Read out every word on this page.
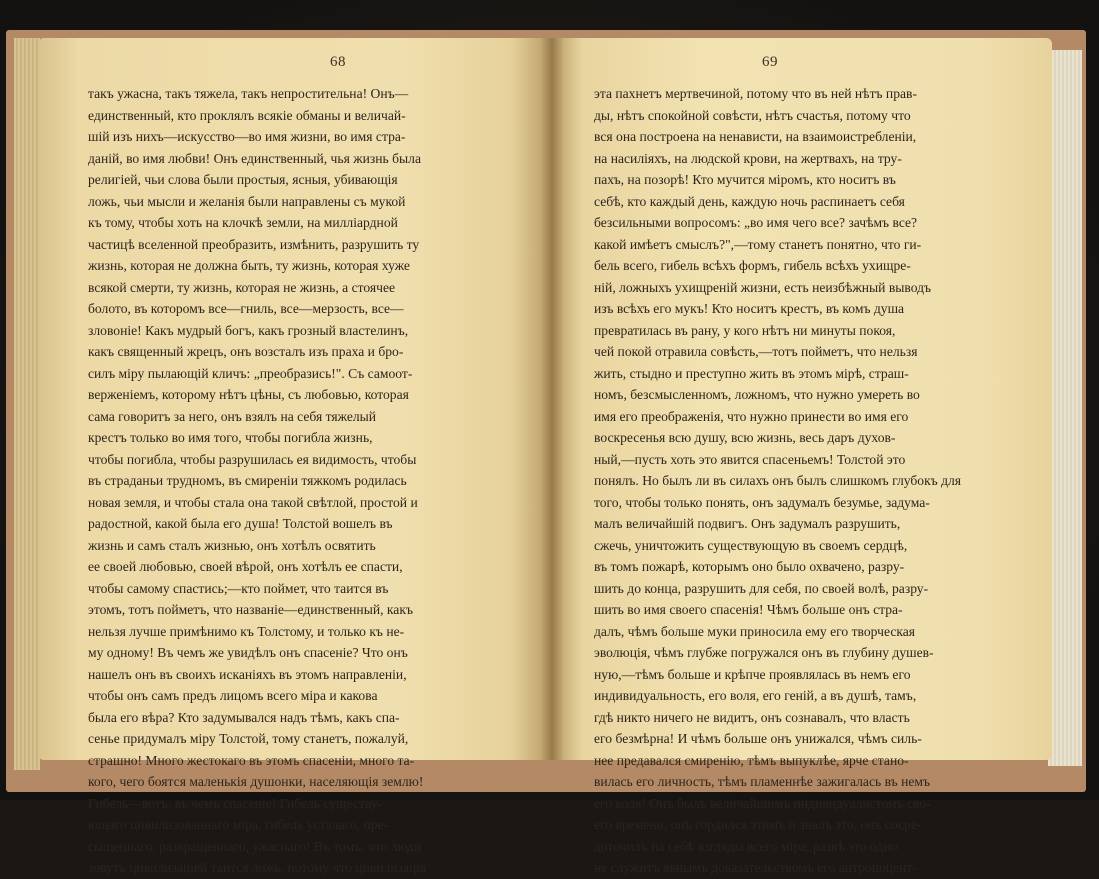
68
такъ ужасна, такъ тяжела, такъ непростительна! Онъ—
единственный, кто проклялъ всякіе обманы и величай-
шій изъ нихъ—искусство—во имя жизни, во имя стра-
даній, во имя любви! Онъ единственный, чья жизнь была
религіей, чьи слова были простыя, ясныя, убивающія
ложь, чьи мысли и желанія были направлены съ мукой
къ тому, чтобы хоть на клочкѣ земли, на милліардной
частицѣ вселенной преобразить, измѣнить, разрушить ту
жизнь, которая не должна быть, ту жизнь, которая хуже
всякой смерти, ту жизнь, которая не жизнь, а стоячее
болото, въ которомъ все—гниль, все—мерзость, все—
зловоніе! Какъ мудрый богъ, какъ грозный властелинъ,
какъ священный жрецъ, онъ возсталъ изъ праха и бро-
силъ міру пылающій кличъ: „преобразись!". Съ самоот-
верженіемъ, которому нѣтъ цѣны, съ любовью, которая
сама говоритъ за него, онъ взялъ на себя тяжелый
крестъ только во имя того, чтобы погибла жизнь,
чтобы погибла, чтобы разрушилась ея видимость, чтобы
въ страданьи трудномъ, въ смиреніи тяжкомъ родилась
новая земля, и чтобы стала она такой свѣтлой, простой и
радостной, какой была его душа! Толстой вошелъ въ
жизнь и самъ сталъ жизнью, онъ хотѣлъ освятить
ее своей любовью, своей вѣрой, онъ хотѣлъ ее спасти,
чтобы самому спастись;—кто поймет, что таится въ
этомъ, тотъ пойметъ, что названіе—единственный, какъ
нельзя лучше примѣнимо къ Толстому, и только къ не-
му одному! Въ чемъ же увидѣлъ онъ спасеніе? Что онъ
нашелъ онъ въ своихъ исканіяхъ въ этомъ направленіи,
чтобы онъ самъ предъ лицомъ всего міра и какова
была его вѣра? Кто задумывался надъ тѣмъ, какъ спа-
сенье придумалъ міру Толстой, тому станетъ, пожалуй,
страшно! Много жестокаго въ этомъ спасеніи, много та-
кого, чего боятся маленькія душонки, населяющія землю!
Гибель—вотъ, въ чемъ спасеніе! Гибель существу-
ющаго цивилизованнаго міра, гибель усталаго, пре-
сыщеннаго, развращеннаго, ужаснаго! Въ томъ, что люди
зовутъ цивилизаціей таится ложь, потому что цивилизація
69
эта пахнетъ мертвечиной, потому что въ ней нѣтъ прав-
ды, нѣтъ спокойной совѣсти, нѣтъ счастья, потому что
вся она построена на ненависти, на взаимоистребленіи,
на насиліяхъ, на людской крови, на жертвахъ, на тру-
пахъ, на позорѣ! Кто мучится міромъ, кто носитъ въ
себѣ, кто каждый день, каждую ночь распинаетъ себя
безсильными вопросомъ: „во имя чего все? зачѣмъ все?
какой имѣетъ смыслъ?",—тому станетъ понятно, что ги-
бель всего, гибель всѣхъ формъ, гибель всѣхъ ухищре-
ній, ложныхъ ухищреній жизни, есть неизбѣжный выводъ
изъ всѣхъ его мукъ! Кто носитъ крестъ, въ комъ душа
превратилась въ рану, у кого нѣтъ ни минуты покоя,
чей покой отравила совѣсть,—тотъ пойметъ, что нельзя
жить, стыдно и преступно жить въ этомъ мірѣ, страш-
номъ, безсмысленномъ, ложномъ, что нужно умереть во
имя его преображенія, что нужно принести во имя его
воскресенья всю душу, всю жизнь, весь даръ духов-
ный,—пусть хоть это явится спасеньемъ! Толстой это
понялъ. Но былъ ли въ силахъ онъ былъ слишкомъ глубокъ для
того, чтобы только понять, онъ задумалъ безумье, задума-
малъ величайшій подвигъ. Онъ задумалъ разрушить,
сжечь, уничтожить существующую въ своемъ сердцѣ,
въ томъ пожарѣ, которымъ оно было охвачено, разру-
шить до конца, разрушить для себя, по своей волѣ, разру-
шить во имя своего спасенія! Чѣмъ больше онъ стра-
далъ, чѣмъ больше муки приносила ему его творческая
эволюція, чѣмъ глубже погружался онъ въ глубину душев-
ную,—тѣмъ больше и крѣпче проявлялась въ немъ его
индивидуальность, его воля, его геній, а въ душѣ, тамъ,
гдѣ никто ничего не видитъ, онъ сознавалъ, что власть
его безмѣрна! И чѣмъ больше онъ унижался, чѣмъ силь-
нее предавался смиренію, тѣмъ выпуклѣе, ярче стано-
вилась его личность, тѣмъ пламеннѣе зажигалась въ немъ
его воля! Онъ былъ величайшимъ индивидуалистомъ сво-
его времени, онъ гордился этимъ и зналъ это, онъ сосре-
доточилъ на себѣ взгляды всего міра, развѣ это одно
не служитъ явнымъ доказательствомъ его антропоцент-
